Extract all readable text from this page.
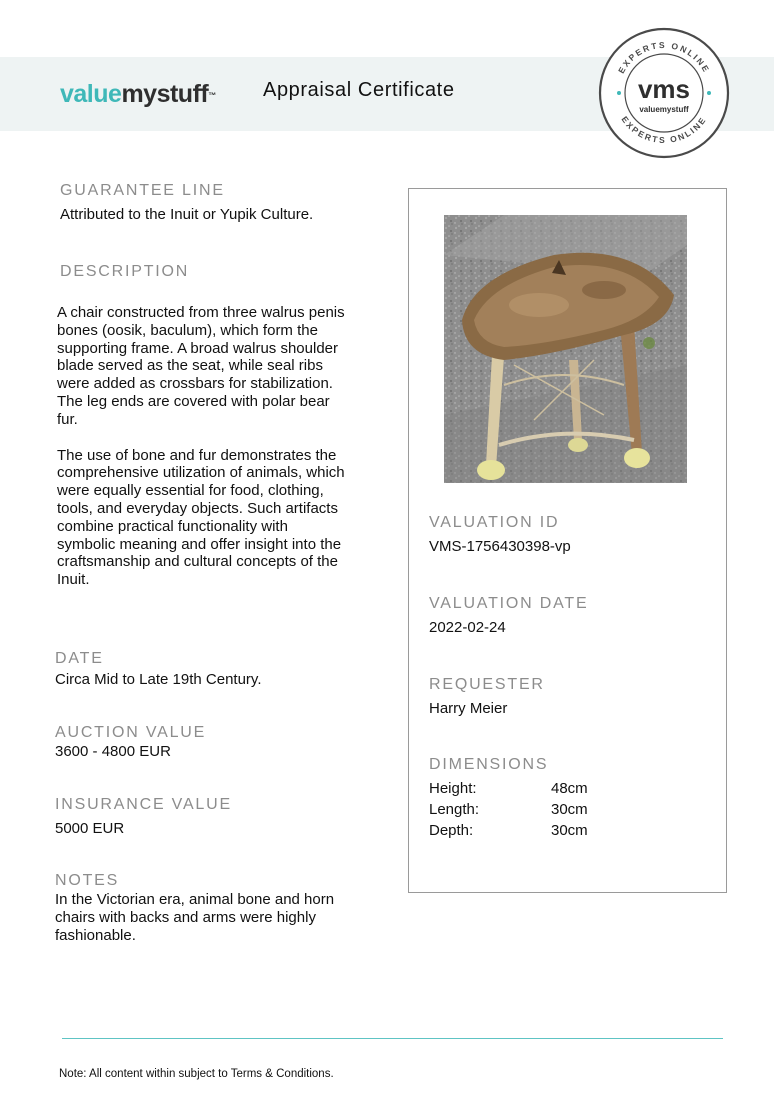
valuemystuff™ Appraisal Certificate
EXPERTS ONLINE
EXPERTS ONLINE
vms
valuemystuff
GUARANTEE LINE
Attributed to the Inuit or Yupik Culture.
DESCRIPTION

A chair constructed from three walrus penis bones (oosik, baculum), which form the supporting frame. A broad walrus shoulder blade served as the seat, while seal ribs were added as crossbars for stabilization. The leg ends are covered with polar bear fur.

The use of bone and fur demonstrates the comprehensive utilization of animals, which were equally essential for food, clothing, tools, and everyday objects. Such artifacts combine practical functionality with symbolic meaning and offer insight into the craftsmanship and cultural concepts of the Inuit.

DATE
Circa Mid to Late 19th Century.
AUCTION VALUE
3600 - 4800 EUR
INSURANCE VALUE
5000 EUR
NOTES
In the Victorian era, animal bone and horn chairs with backs and arms were highly fashionable.
VALUATION ID
VMS-1756430398-vp
VALUATION DATE
2022-02-24
REQUESTER
Harry Meier
DIMENSIONS
Height:	48cm
Length:	30cm
Depth:	30cm
Note: All content within subject to Terms & Conditions.
